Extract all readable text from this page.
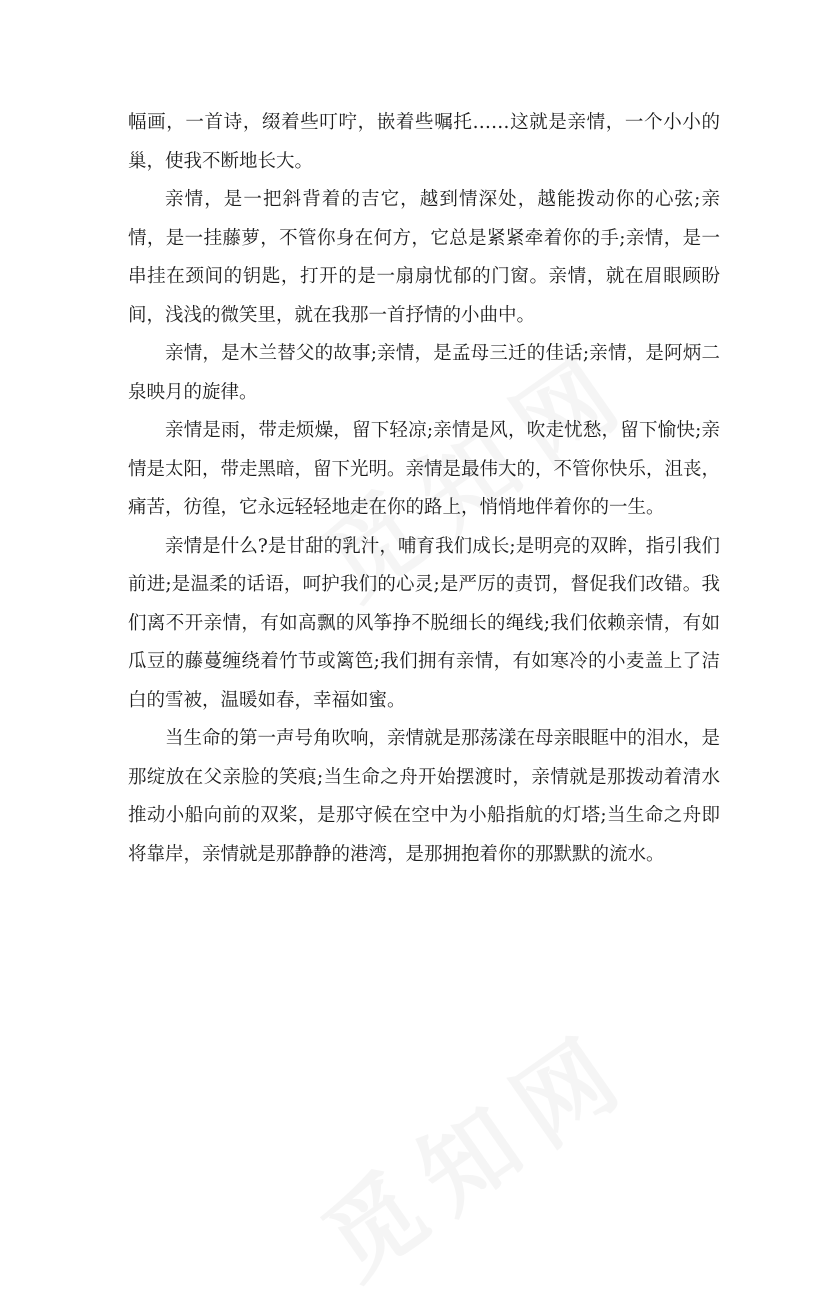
幅画，一首诗，缀着些叮咛，嵌着些嘱托……这就是亲情，一个小小的巢，使我不断地长大。

亲情，是一把斜背着的吉它，越到情深处，越能拨动你的心弦;亲情，是一挂藤萝，不管你身在何方，它总是紧紧牵着你的手;亲情，是一串挂在颈间的钥匙，打开的是一扇扇忧郁的门窗。亲情，就在眉眼顾盼间，浅浅的微笑里，就在我那一首抒情的小曲中。

亲情，是木兰替父的故事;亲情，是孟母三迁的佳话;亲情，是阿炳二泉映月的旋律。

亲情是雨，带走烦燥，留下轻凉;亲情是风，吹走忧愁，留下愉快;亲情是太阳，带走黑暗，留下光明。亲情是最伟大的，不管你快乐，沮丧，痛苦，彷徨，它永远轻轻地走在你的路上，悄悄地伴着你的一生。

亲情是什么?是甘甜的乳汁，哺育我们成长;是明亮的双眸，指引我们前进;是温柔的话语，呵护我们的心灵;是严厉的责罚，督促我们改错。我们离不开亲情，有如高飘的风筝挣不脱细长的绳线;我们依赖亲情，有如瓜豆的藤蔓缠绕着竹节或篱笆;我们拥有亲情，有如寒冷的小麦盖上了洁白的雪被，温暖如春，幸福如蜜。

当生命的第一声号角吹响，亲情就是那荡漾在母亲眼眶中的泪水，是那绽放在父亲脸的笑痕;当生命之舟开始摆渡时，亲情就是那拨动着清水推动小船向前的双桨，是那守候在空中为小船指航的灯塔;当生命之舟即将靠岸，亲情就是那静静的港湾，是那拥抱着你的那默默的流水。
